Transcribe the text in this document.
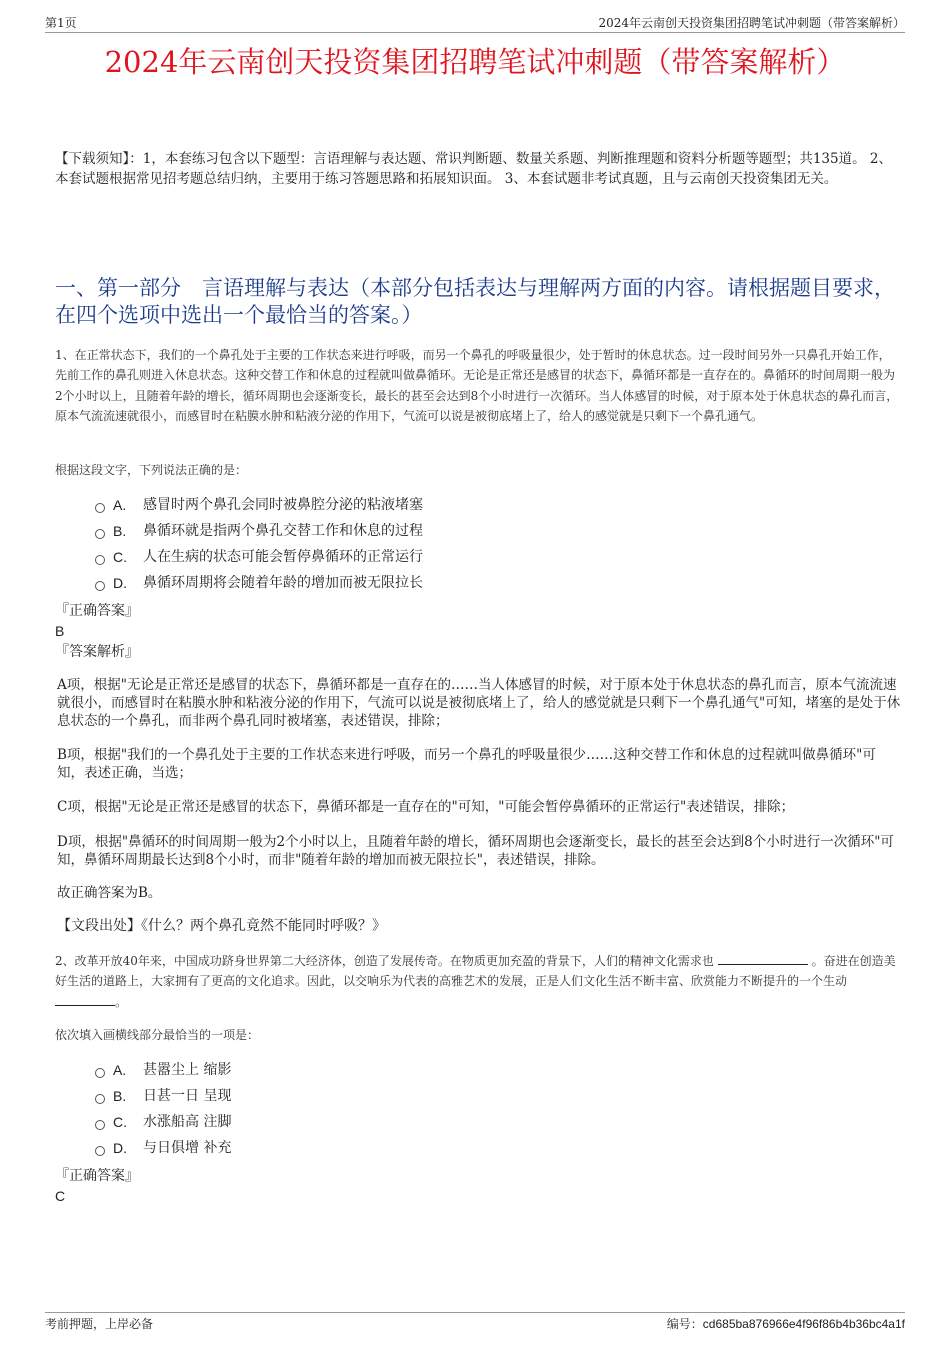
第1页	2024年云南创天投资集团招聘笔试冲刺题（带答案解析）
2024年云南创天投资集团招聘笔试冲刺题（带答案解析）
【下载须知】：1，本套练习包含以下题型：言语理解与表达题、常识判断题、数量关系题、判断推理题和资料分析题等题型；共135道。 2、本套试题根据常见招考题总结归纳，主要用于练习答题思路和拓展知识面。 3、本套试题非考试真题，且与云南创天投资集团无关。
一、第一部分　言语理解与表达（本部分包括表达与理解两方面的内容。请根据题目要求，在四个选项中选出一个最恰当的答案。）
1、在正常状态下，我们的一个鼻孔处于主要的工作状态来进行呼吸，而另一个鼻孔的呼吸量很少，处于暂时的休息状态。过一段时间另外一只鼻孔开始工作，先前工作的鼻孔则进入休息状态。这种交替工作和休息的过程就叫做鼻循环。无论是正常还是感冒的状态下，鼻循环都是一直存在的。鼻循环的时间周期一般为2个小时以上，且随着年龄的增长，循环周期也会逐渐变长，最长的甚至会达到8个小时进行一次循环。当人体感冒的时候，对于原本处于休息状态的鼻孔而言，原本气流流速就很小，而感冒时在粘膜水肿和粘液分泌的作用下，气流可以说是被彻底堵上了，给人的感觉就是只剩下一个鼻孔通气。
根据这段文字，下列说法正确的是：
A.	感冒时两个鼻孔会同时被鼻腔分泌的粘液堵塞
B.	鼻循环就是指两个鼻孔交替工作和休息的过程
C.	人在生病的状态可能会暂停鼻循环的正常运行
D.	鼻循环周期将会随着年龄的增加而被无限拉长
『正确答案』
B
『答案解析』
A项，根据"无论是正常还是感冒的状态下，鼻循环都是一直存在的……当人体感冒的时候，对于原本处于休息状态的鼻孔而言，原本气流流速就很小，而感冒时在粘膜水肿和粘液分泌的作用下，气流可以说是被彻底堵上了，给人的感觉就是只剩下一个鼻孔通气"可知，堵塞的是处于休息状态的一个鼻孔，而非两个鼻孔同时被堵塞，表述错误，排除；
B项，根据"我们的一个鼻孔处于主要的工作状态来进行呼吸，而另一个鼻孔的呼吸量很少……这种交替工作和休息的过程就叫做鼻循环"可知，表述正确，当选；
C项，根据"无论是正常还是感冒的状态下，鼻循环都是一直存在的"可知，"可能会暂停鼻循环的正常运行"表述错误，排除；
D项，根据"鼻循环的时间周期一般为2个小时以上，且随着年龄的增长，循环周期也会逐渐变长，最长的甚至会达到8个小时进行一次循环"可知，鼻循环周期最长达到8个小时，而非"随着年龄的增加而被无限拉长"，表述错误，排除。
故正确答案为B。
【文段出处】《什么？两个鼻孔竟然不能同时呼吸？》
2、改革开放40年来，中国成功跻身世界第二大经济体，创造了发展传奇。在物质更加充盈的背景下，人们的精神文化需求也	。奋进在创造美好生活的道路上，大家拥有了更高的文化追求。因此，以交响乐为代表的高雅艺术的发展，正是人们文化生活不断丰富、欣赏能力不断提升的一个生动 。
依次填入画横线部分最恰当的一项是：
A.	甚嚣尘上 缩影
B.	日甚一日 呈现
C.	水涨船高 注脚
D.	与日俱增 补充
『正确答案』
C
考前押题，上岸必备	编号：cd685ba876966e4f96f86b4b36bc4a1f
